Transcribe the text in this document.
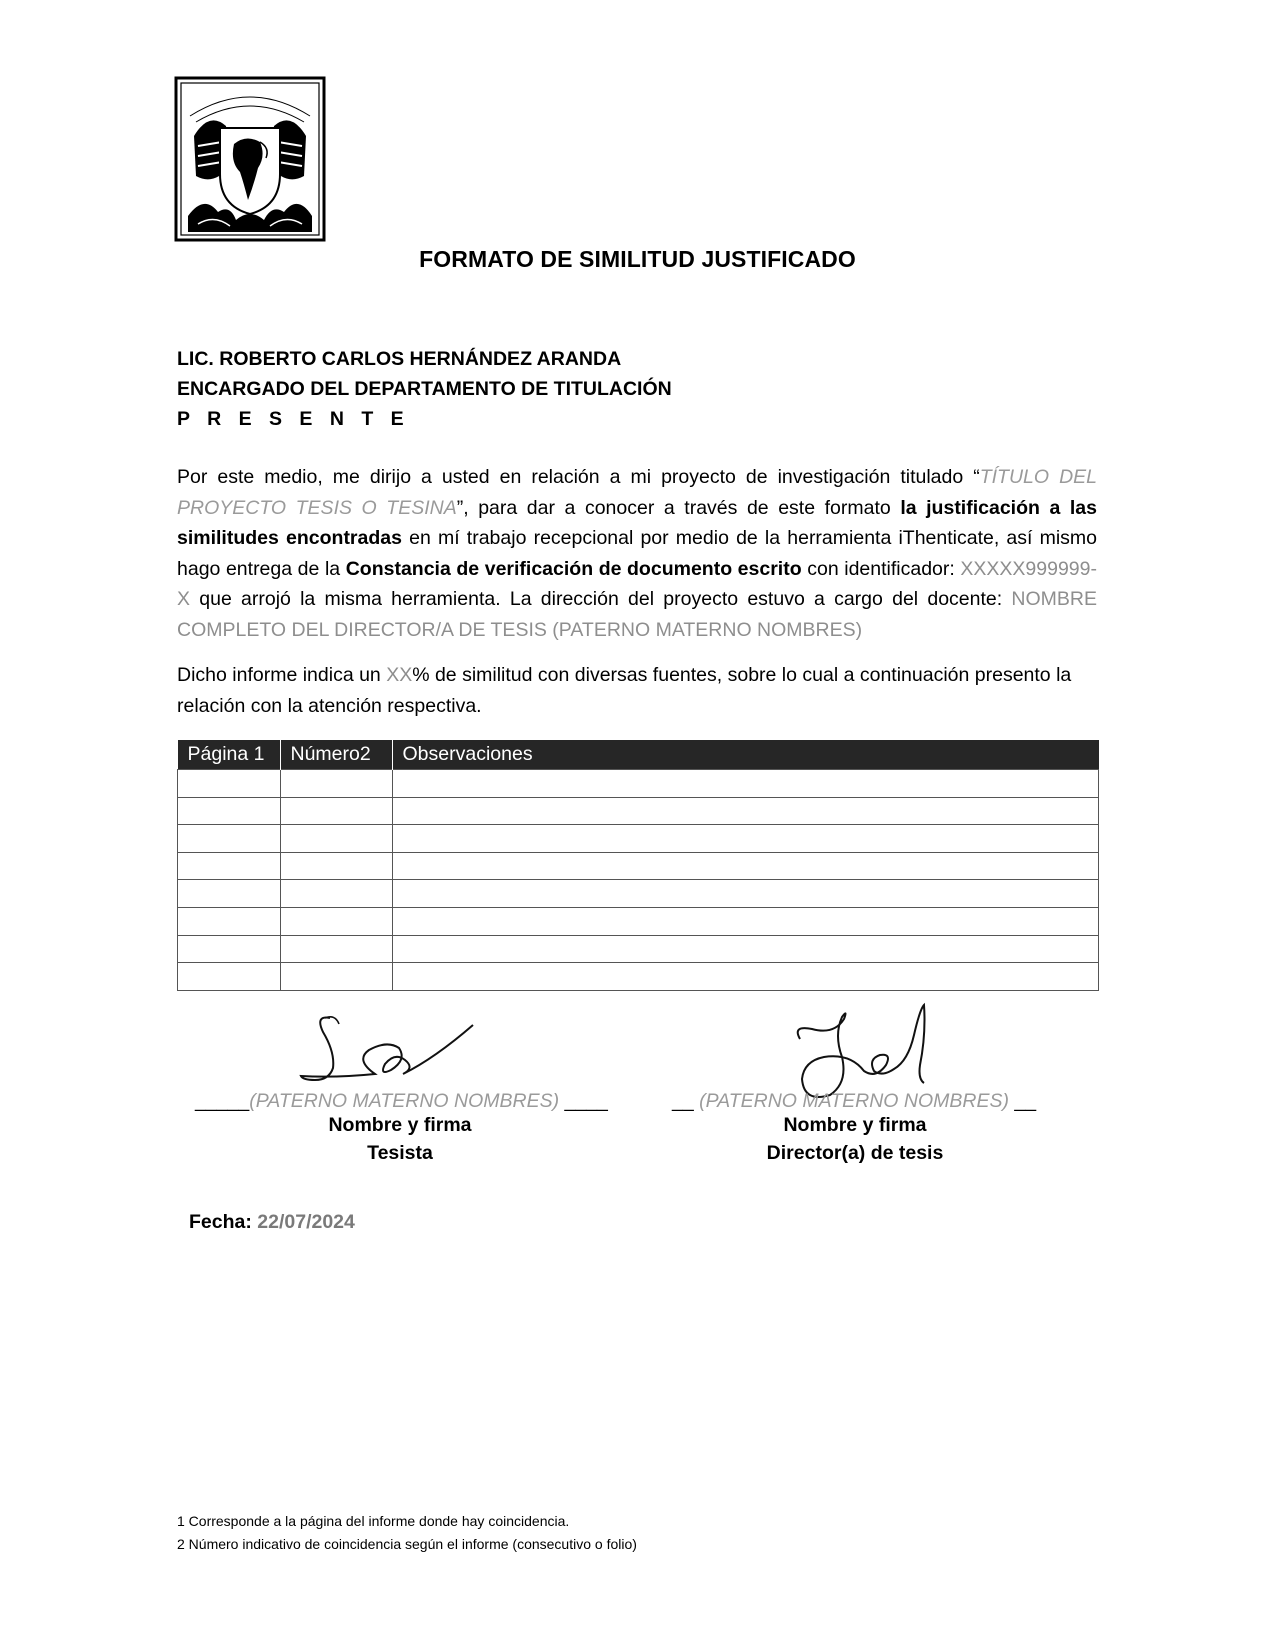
FORMATO DE SIMILITUD JUSTIFICADO
LIC. ROBERTO CARLOS HERNÁNDEZ ARANDA
ENCARGADO DEL DEPARTAMENTO DE TITULACIÓN
P R E S E N T E
Por este medio, me dirijo a usted en relación a mi proyecto de investigación titulado “TÍTULO DEL PROYECTO TESIS O TESINA”, para dar a conocer a través de este formato la justificación a las similitudes encontradas en mí trabajo recepcional por medio de la herramienta iThenticate, así mismo hago entrega de la Constancia de verificación de documento escrito con identificador: XXXXX999999-X que arrojó la misma herramienta. La dirección del proyecto estuvo a cargo del docente: NOMBRE COMPLETO DEL DIRECTOR/A DE TESIS (PATERNO MATERNO NOMBRES)
Dicho informe indica un XX% de similitud con diversas fuentes, sobre lo cual a continuación presento la relación con la atención respectiva.
Página 1	Número2	Observaciones

_____(PATERNO MATERNO NOMBRES) ____
Nombre y firma
Tesista
__ (PATERNO MATERNO NOMBRES) __
Nombre y firma
Director(a) de tesis
Fecha: 22/07/2024
1 Corresponde a la página del informe donde hay coincidencia.
2 Número indicativo de coincidencia según el informe (consecutivo o folio)
